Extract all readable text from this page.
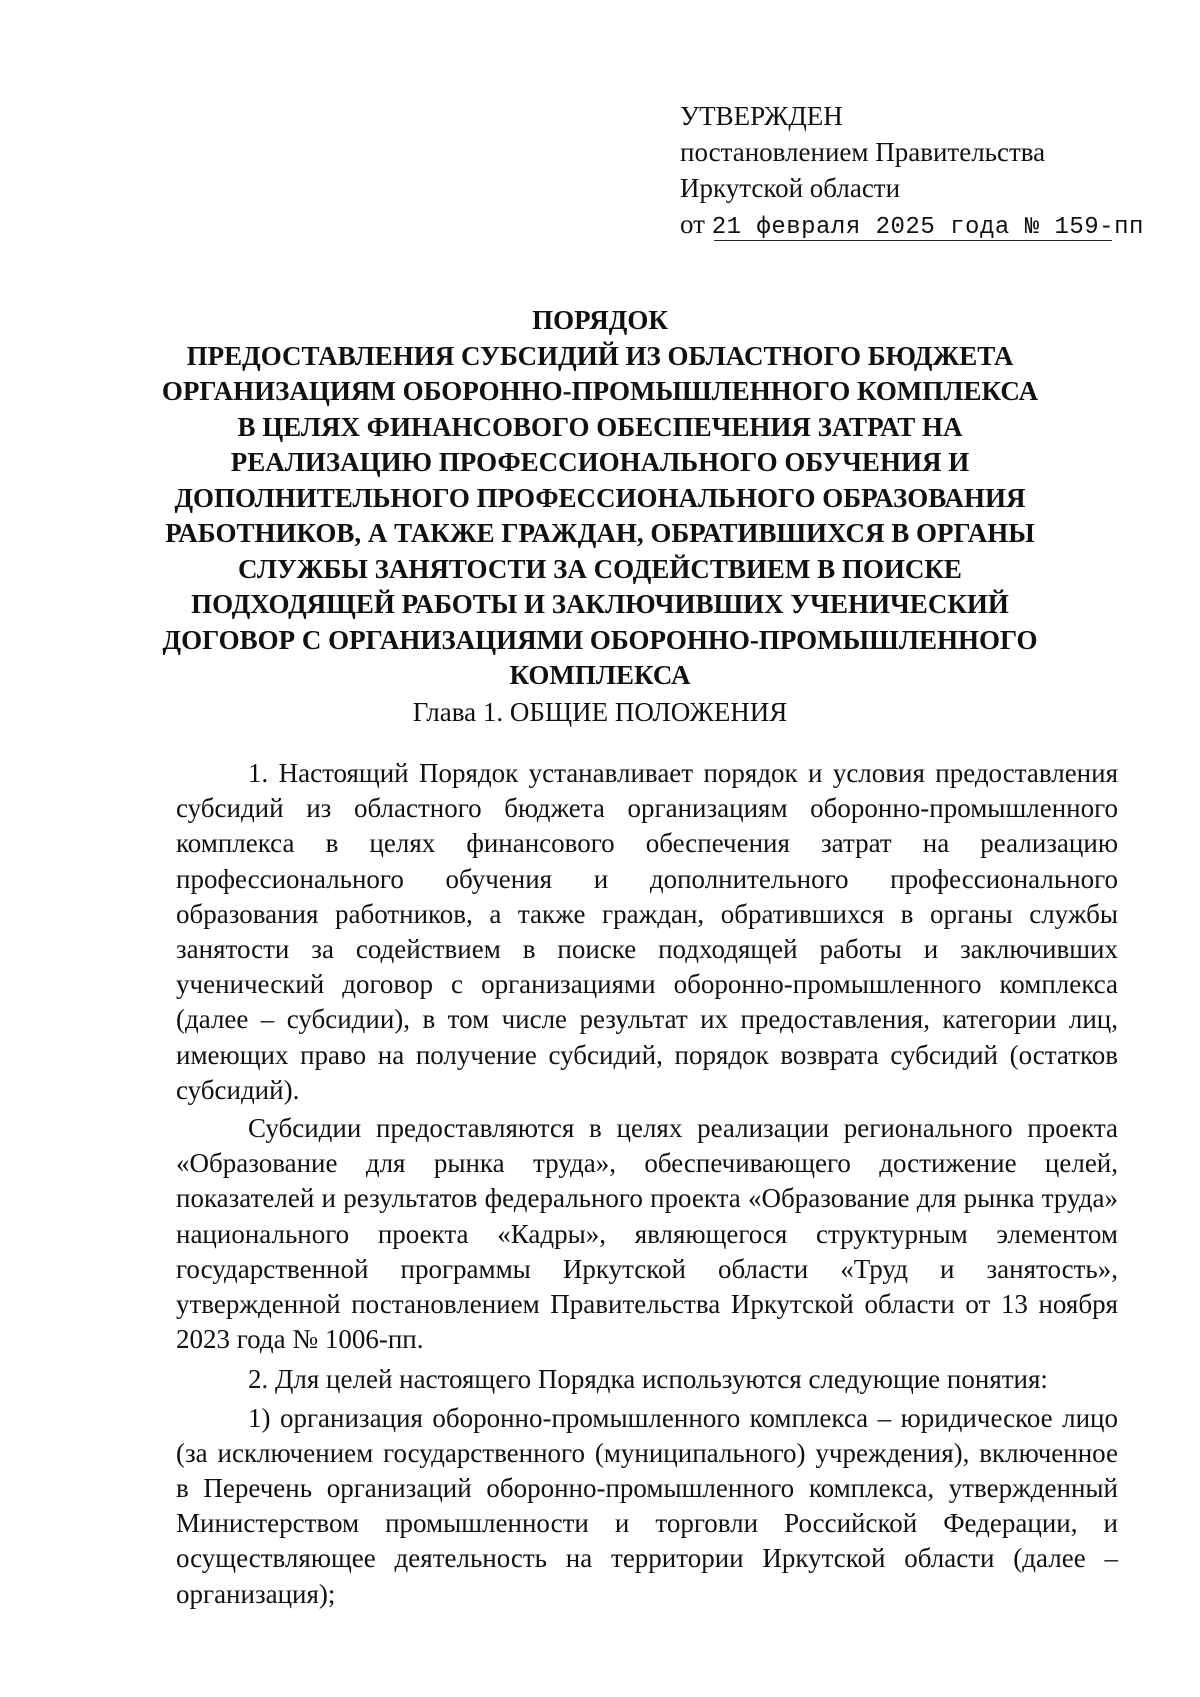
УТВЕРЖДЕН
постановлением Правительства
Иркутской области
от 21 февраля 2025 года № 159-пп
ПОРЯДОК
ПРЕДОСТАВЛЕНИЯ СУБСИДИЙ ИЗ ОБЛАСТНОГО БЮДЖЕТА
ОРГАНИЗАЦИЯМ ОБОРОННО-ПРОМЫШЛЕННОГО КОМПЛЕКСА
В ЦЕЛЯХ ФИНАНСОВОГО ОБЕСПЕЧЕНИЯ ЗАТРАТ НА
РЕАЛИЗАЦИЮ ПРОФЕССИОНАЛЬНОГО ОБУЧЕНИЯ И
ДОПОЛНИТЕЛЬНОГО ПРОФЕССИОНАЛЬНОГО ОБРАЗОВАНИЯ
РАБОТНИКОВ, А ТАКЖЕ ГРАЖДАН, ОБРАТИВШИХСЯ В ОРГАНЫ
СЛУЖБЫ ЗАНЯТОСТИ ЗА СОДЕЙСТВИЕМ В ПОИСКЕ
ПОДХОДЯЩЕЙ РАБОТЫ И ЗАКЛЮЧИВШИХ УЧЕНИЧЕСКИЙ
ДОГОВОР С ОРГАНИЗАЦИЯМИ ОБОРОННО-ПРОМЫШЛЕННОГО
КОМПЛЕКСА
Глава 1. ОБЩИЕ ПОЛОЖЕНИЯ

1. Настоящий Порядок устанавливает порядок и условия предоставления субсидий из областного бюджета организациям оборонно-промышленного комплекса в целях финансового обеспечения затрат на реализацию профессионального обучения и дополнительного профессионального образования работников, а также граждан, обратившихся в органы службы занятости за содействием в поиске подходящей работы и заключивших ученический договор с организациями оборонно-промышленного комплекса (далее – субсидии), в том числе результат их предоставления, категории лиц, имеющих право на получение субсидий, порядок возврата субсидий (остатков субсидий).

Субсидии предоставляются в целях реализации регионального проекта «Образование для рынка труда», обеспечивающего достижение целей, показателей и результатов федерального проекта «Образование для рынка труда» национального проекта «Кадры», являющегося структурным элементом государственной программы Иркутской области «Труд и занятость», утвержденной постановлением Правительства Иркутской области от 13 ноября 2023 года № 1006-пп.

2. Для целей настоящего Порядка используются следующие понятия:

1) организация оборонно-промышленного комплекса – юридическое лицо (за исключением государственного (муниципального) учреждения), включенное в Перечень организаций оборонно-промышленного комплекса, утвержденный Министерством промышленности и торговли Российской Федерации, и осуществляющее деятельность на территории Иркутской области (далее – организация);
